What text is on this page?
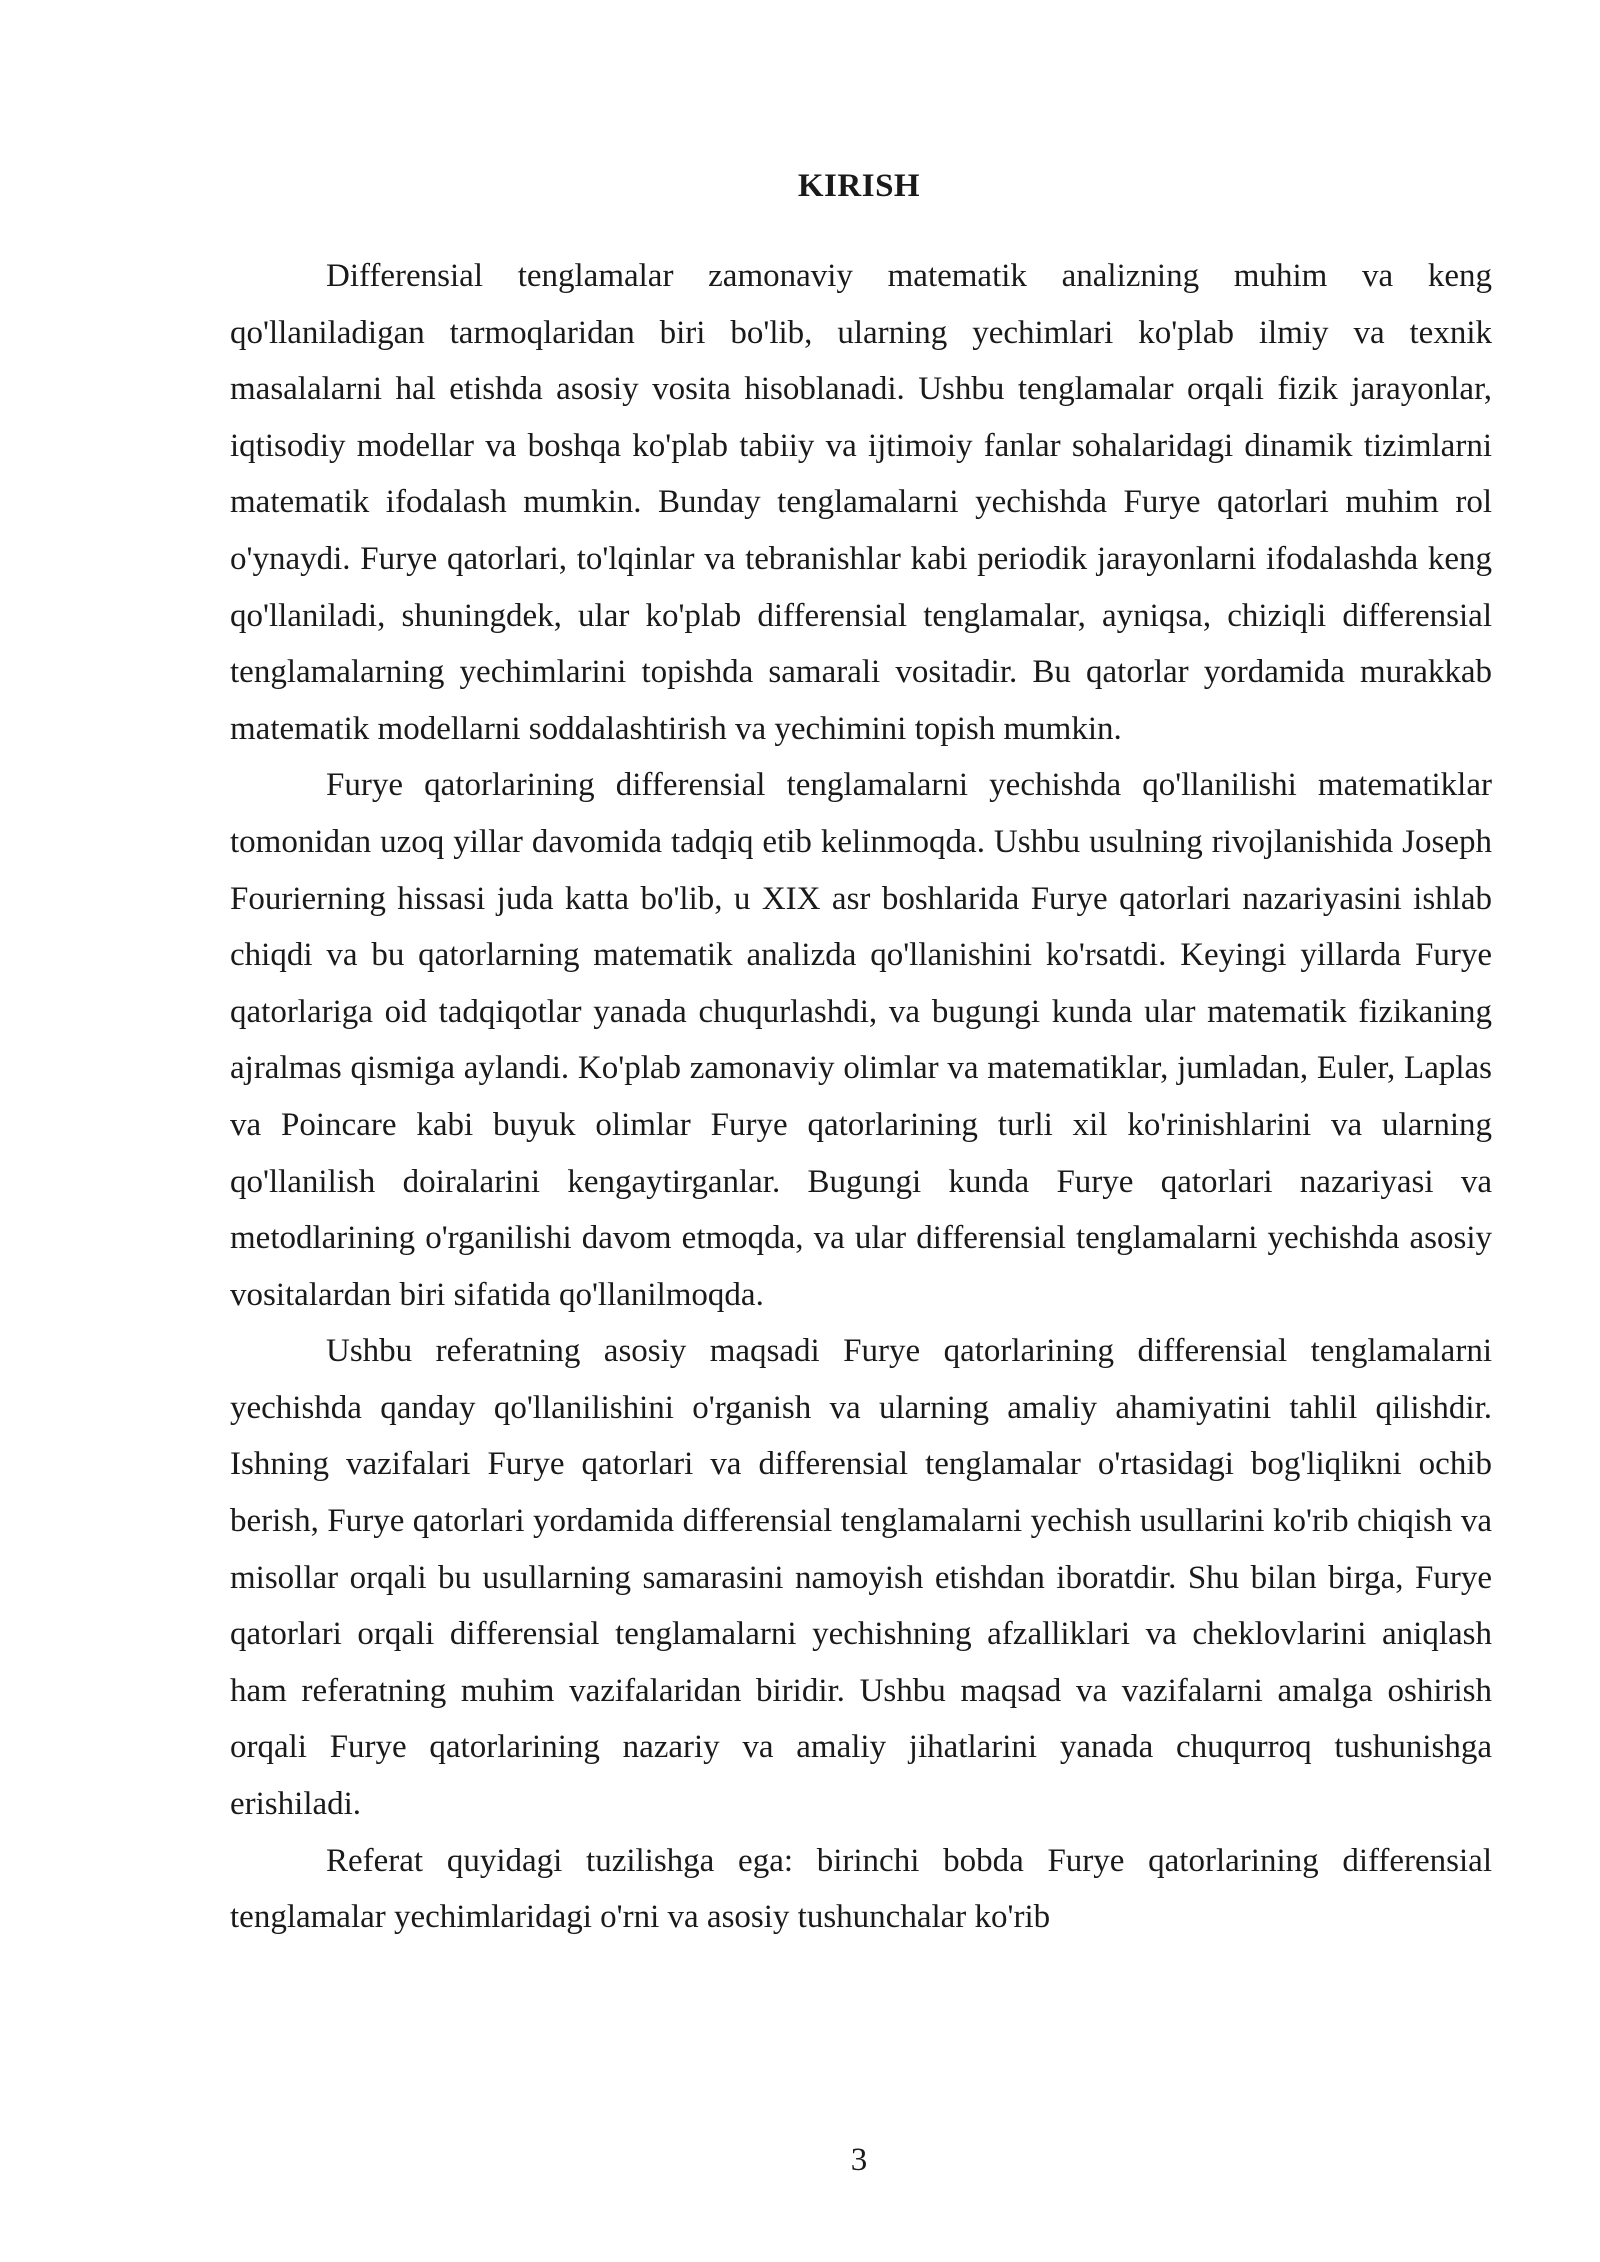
KIRISH

Differensial tenglamalar zamonaviy matematik analizning muhim va keng qo'llaniladigan tarmoqlaridan biri bo'lib, ularning yechimlari ko'plab ilmiy va texnik masalalarni hal etishda asosiy vosita hisoblanadi. Ushbu tenglamalar orqali fizik jarayonlar, iqtisodiy modellar va boshqa ko'plab tabiiy va ijtimoiy fanlar sohalaridagi dinamik tizimlarni matematik ifodalash mumkin. Bunday tenglamalarni yechishda Furye qatorlari muhim rol o'ynaydi. Furye qatorlari, to'lqinlar va tebranishlar kabi periodik jarayonlarni ifodalashda keng qo'llaniladi, shuningdek, ular ko'plab differensial tenglamalar, ayniqsa, chiziqli differensial tenglamalarning yechimlarini topishda samarali vositadir. Bu qatorlar yordamida murakkab matematik modellarni soddalashtirish va yechimini topish mumkin.

Furye qatorlarining differensial tenglamalarni yechishda qo'llanilishi matematiklar tomonidan uzoq yillar davomida tadqiq etib kelinmoqda. Ushbu usulning rivojlanishida Joseph Fourierning hissasi juda katta bo'lib, u XIX asr boshlarida Furye qatorlari nazariyasini ishlab chiqdi va bu qatorlarning matematik analizda qo'llanishini ko'rsatdi. Keyingi yillarda Furye qatorlariga oid tadqiqotlar yanada chuqurlashdi, va bugungi kunda ular matematik fizikaning ajralmas qismiga aylandi. Ko'plab zamonaviy olimlar va matematiklar, jumladan, Euler, Laplas va Poincare kabi buyuk olimlar Furye qatorlarining turli xil ko'rinishlarini va ularning qo'llanilish doiralarini kengaytirganlar. Bugungi kunda Furye qatorlari nazariyasi va metodlarining o'rganilishi davom etmoqda, va ular differensial tenglamalarni yechishda asosiy vositalardan biri sifatida qo'llanilmoqda.

Ushbu referatning asosiy maqsadi Furye qatorlarining differensial tenglamalarni yechishda qanday qo'llanilishini o'rganish va ularning amaliy ahamiyatini tahlil qilishdir. Ishning vazifalari Furye qatorlari va differensial tenglamalar o'rtasidagi bog'liqlikni ochib berish, Furye qatorlari yordamida differensial tenglamalarni yechish usullarini ko'rib chiqish va misollar orqali bu usullarning samarasini namoyish etishdan iboratdir. Shu bilan birga, Furye qatorlari orqali differensial tenglamalarni yechishning afzalliklari va cheklovlarini aniqlash ham referatning muhim vazifalaridan biridir. Ushbu maqsad va vazifalarni amalga oshirish orqali Furye qatorlarining nazariy va amaliy jihatlarini yanada chuqurroq tushunishga erishiladi.

Referat quyidagi tuzilishga ega: birinchi bobda Furye qatorlarining differensial tenglamalar yechimlaridagi o'rni va asosiy tushunchalar ko'rib

3
